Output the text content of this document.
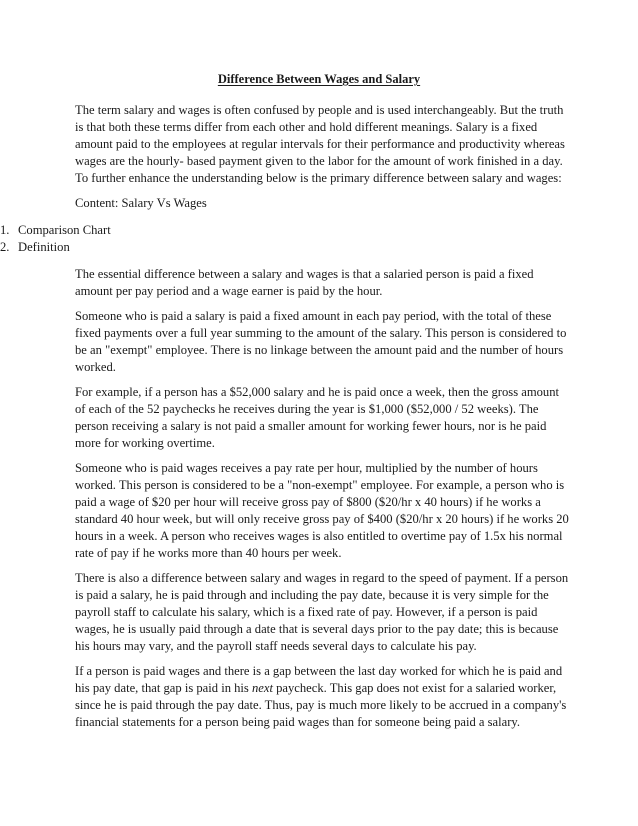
Difference Between Wages and Salary

The term salary and wages is often confused by people and is used interchangeably. But the truth is that both these terms differ from each other and hold different meanings. Salary is a fixed amount paid to the employees at regular intervals for their performance and productivity whereas wages are the hourly- based payment given to the labor for the amount of work finished in a day. To further enhance the understanding below is the primary difference between salary and wages:

Content: Salary Vs Wages

1. Comparison Chart

2. Definition

The essential difference between a salary and wages is that a salaried person is paid a fixed amount per pay period and a wage earner is paid by the hour.

Someone who is paid a salary is paid a fixed amount in each pay period, with the total of these fixed payments over a full year summing to the amount of the salary. This person is considered to be an "exempt" employee. There is no linkage between the amount paid and the number of hours worked.

For example, if a person has a $52,000 salary and he is paid once a week, then the gross amount of each of the 52 paychecks he receives during the year is $1,000 ($52,000 / 52 weeks). The person receiving a salary is not paid a smaller amount for working fewer hours, nor is he paid more for working overtime.

Someone who is paid wages receives a pay rate per hour, multiplied by the number of hours worked. This person is considered to be a "non-exempt" employee. For example, a person who is paid a wage of $20 per hour will receive gross pay of $800 ($20/hr x 40 hours) if he works a standard 40 hour week, but will only receive gross pay of $400 ($20/hr x 20 hours) if he works 20 hours in a week. A person who receives wages is also entitled to overtime pay of 1.5x his normal rate of pay if he works more than 40 hours per week.

There is also a difference between salary and wages in regard to the speed of payment. If a person is paid a salary, he is paid through and including the pay date, because it is very simple for the payroll staff to calculate his salary, which is a fixed rate of pay. However, if a person is paid wages, he is usually paid through a date that is several days prior to the pay date; this is because his hours may vary, and the payroll staff needs several days to calculate his pay.

If a person is paid wages and there is a gap between the last day worked for which he is paid and his pay date, that gap is paid in his next paycheck. This gap does not exist for a salaried worker, since he is paid through the pay date. Thus, pay is much more likely to be accrued in a company's financial statements for a person being paid wages than for someone being paid a salary.
